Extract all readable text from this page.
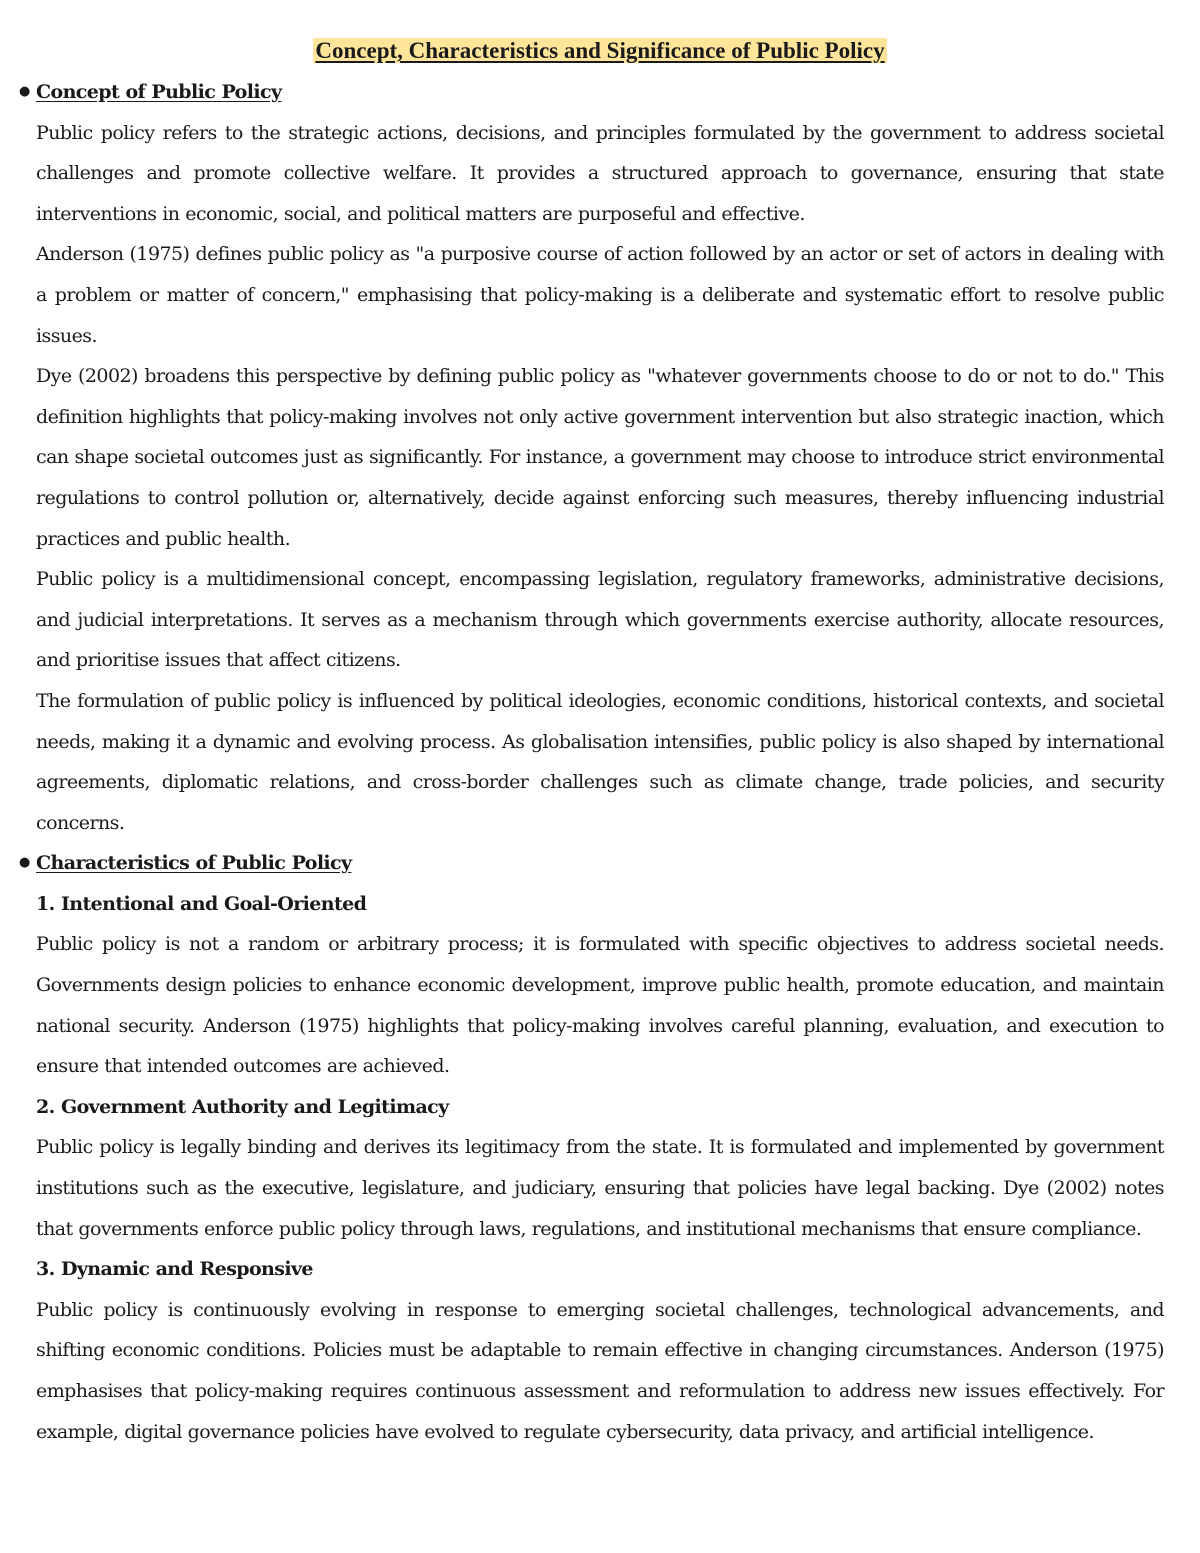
Concept, Characteristics and Significance of Public Policy

● Concept of Public Policy

Public policy refers to the strategic actions, decisions, and principles formulated by the government to address societal challenges and promote collective welfare. It provides a structured approach to governance, ensuring that state interventions in economic, social, and political matters are purposeful and effective.

Anderson (1975) defines public policy as "a purposive course of action followed by an actor or set of actors in dealing with a problem or matter of concern," emphasising that policy-making is a deliberate and systematic effort to resolve public issues.

Dye (2002) broadens this perspective by defining public policy as "whatever governments choose to do or not to do." This definition highlights that policy-making involves not only active government intervention but also strategic inaction, which can shape societal outcomes just as significantly. For instance, a government may choose to introduce strict environmental regulations to control pollution or, alternatively, decide against enforcing such measures, thereby influencing industrial practices and public health.

Public policy is a multidimensional concept, encompassing legislation, regulatory frameworks, administrative decisions, and judicial interpretations. It serves as a mechanism through which governments exercise authority, allocate resources, and prioritise issues that affect citizens.

The formulation of public policy is influenced by political ideologies, economic conditions, historical contexts, and societal needs, making it a dynamic and evolving process. As globalisation intensifies, public policy is also shaped by international agreements, diplomatic relations, and cross-border challenges such as climate change, trade policies, and security concerns.

● Characteristics of Public Policy

1. Intentional and Goal-Oriented

Public policy is not a random or arbitrary process; it is formulated with specific objectives to address societal needs. Governments design policies to enhance economic development, improve public health, promote education, and maintain national security. Anderson (1975) highlights that policy-making involves careful planning, evaluation, and execution to ensure that intended outcomes are achieved.

2. Government Authority and Legitimacy

Public policy is legally binding and derives its legitimacy from the state. It is formulated and implemented by government institutions such as the executive, legislature, and judiciary, ensuring that policies have legal backing. Dye (2002) notes that governments enforce public policy through laws, regulations, and institutional mechanisms that ensure compliance.

3. Dynamic and Responsive

Public policy is continuously evolving in response to emerging societal challenges, technological advancements, and shifting economic conditions. Policies must be adaptable to remain effective in changing circumstances. Anderson (1975) emphasises that policy-making requires continuous assessment and reformulation to address new issues effectively. For example, digital governance policies have evolved to regulate cybersecurity, data privacy, and artificial intelligence.
